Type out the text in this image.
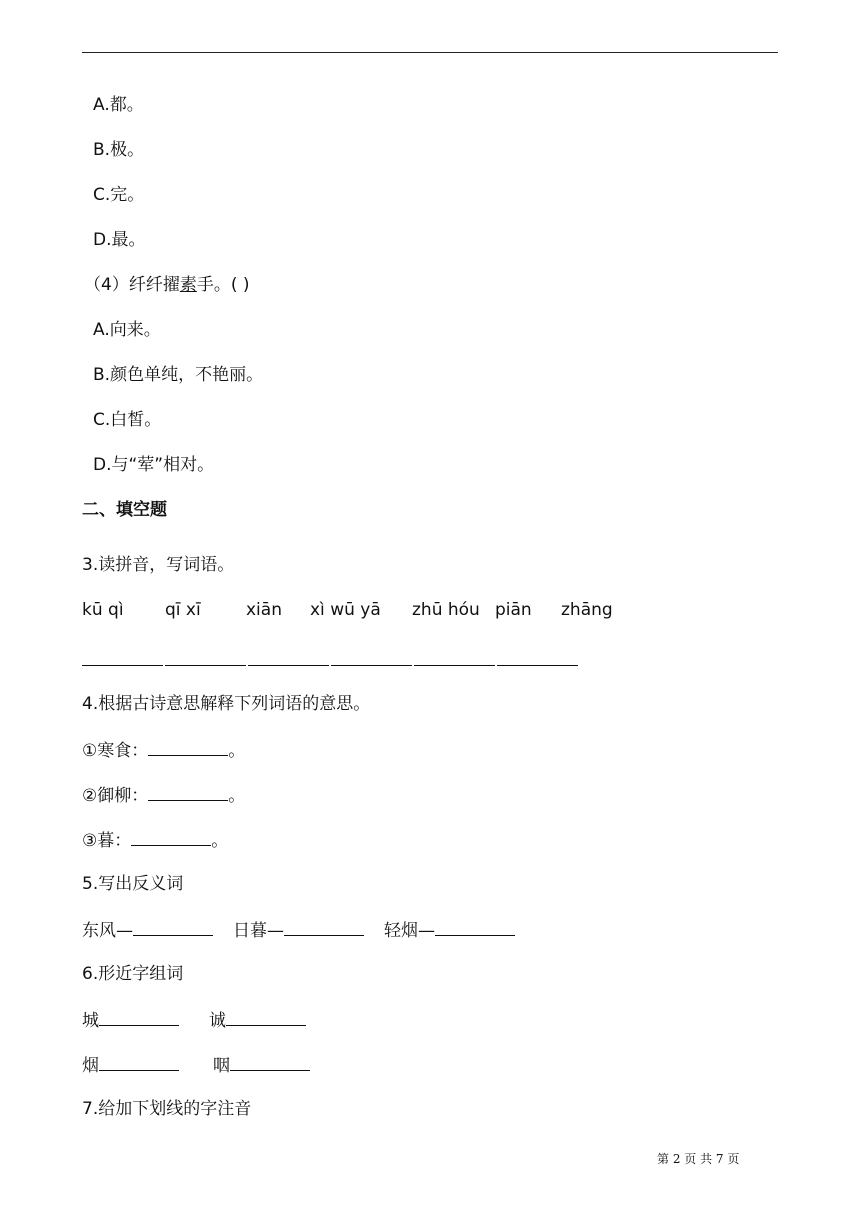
A.都。
B.极。
C.完。
D.最。
（4）纤纤擢素手。( )
A.向来。
B.颜色单纯，不艳丽。
C.白皙。
D.与“荤”相对。
二、填空题
3.读拼音，写词语。
kū qì qī xī	xiān xì wū yā zhū hóu piān zhāng
4.根据古诗意思解释下列词语的意思。
①寒食：	。
②御柳：	。
③暮：	。
5.写出反义词
东风—	日暮—	轻烟—
6.形近字组词
城	诚
烟	咽
7.给加下划线的字注音
第 2 页 共 7 页
